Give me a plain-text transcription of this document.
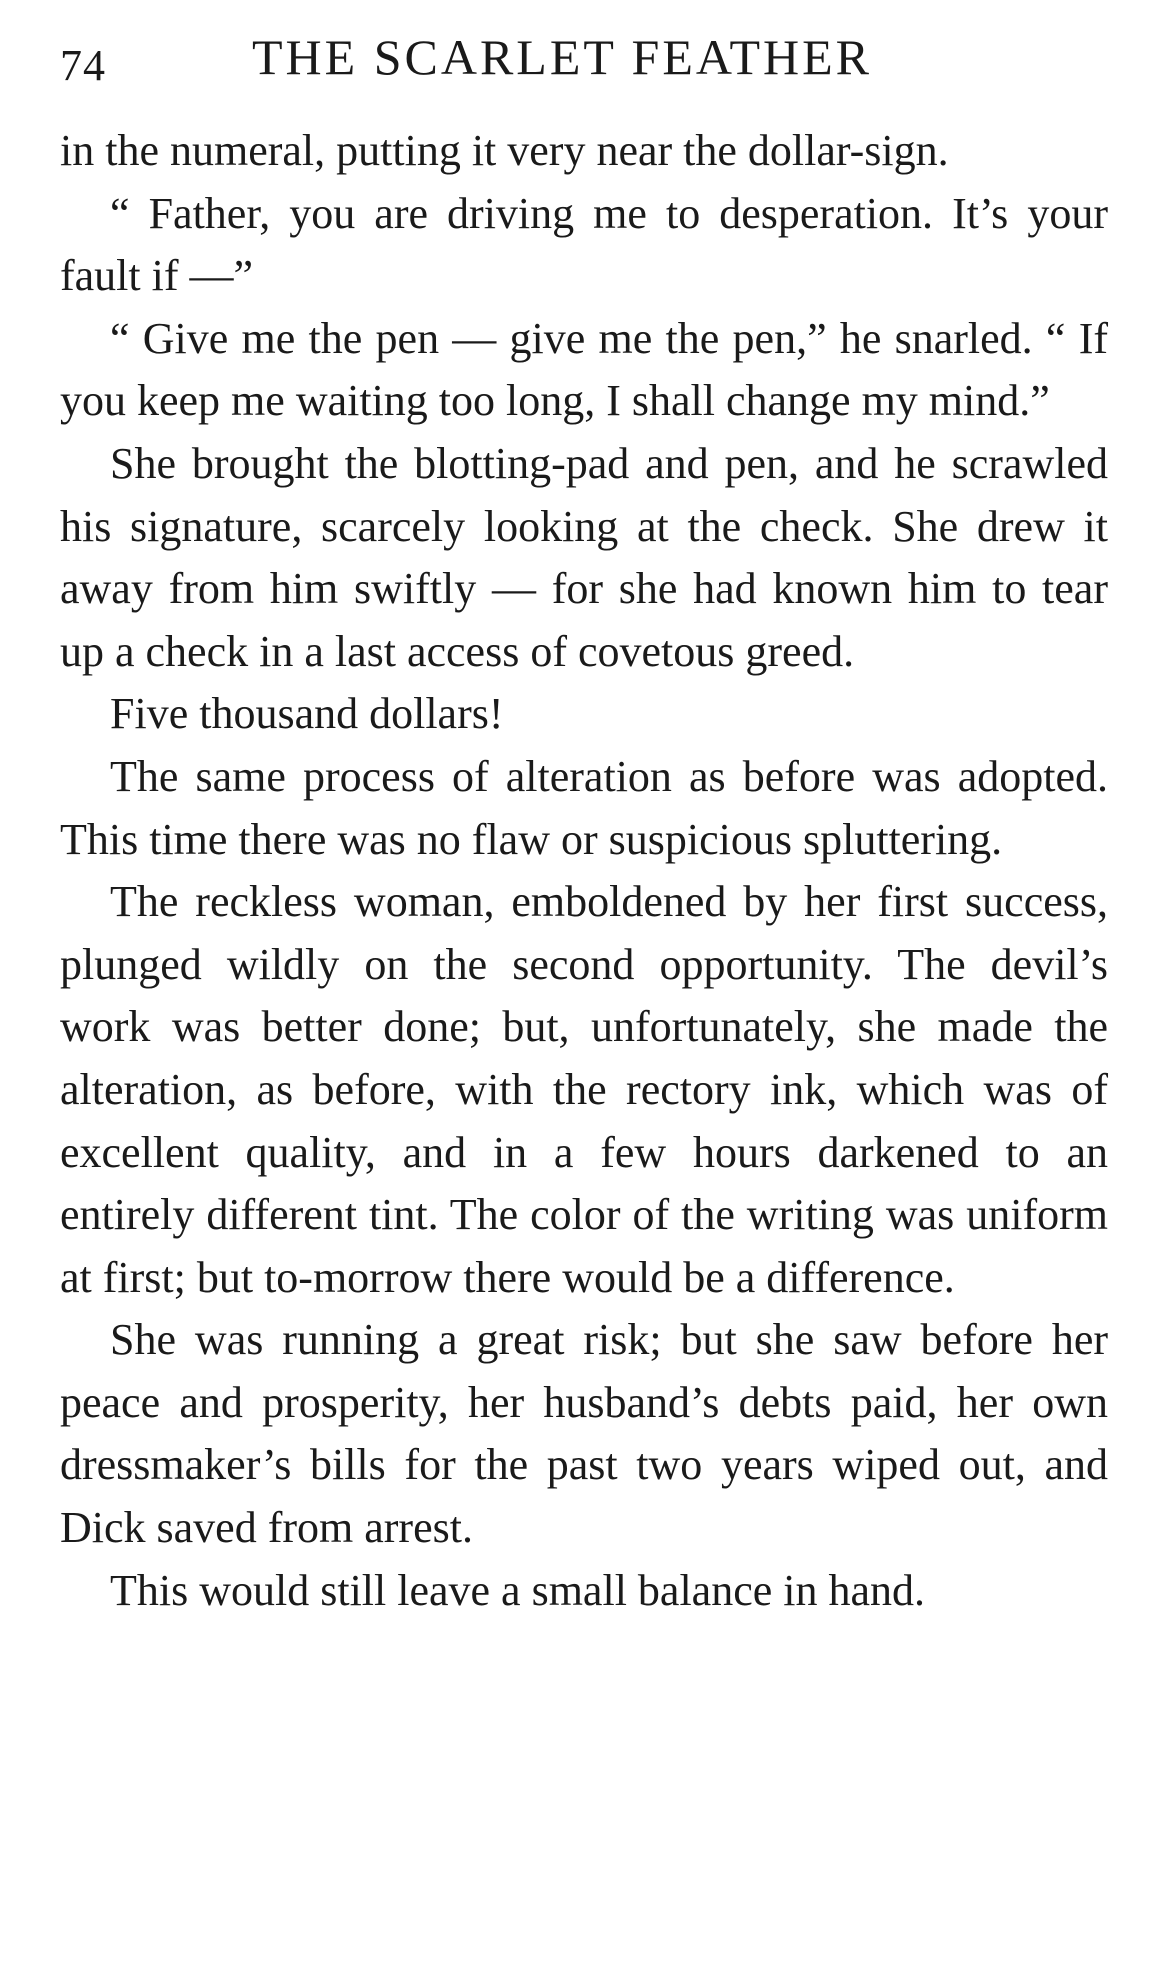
74	THE SCARLET FEATHER

in the numeral, putting it very near the dollar-sign.

“ Father, you are driving me to desperation. It’s your fault if —”

“ Give me the pen — give me the pen,” he snarled. “ If you keep me waiting too long, I shall change my mind.”

She brought the blotting-pad and pen, and he scrawled his signature, scarcely looking at the check. She drew it away from him swiftly — for she had known him to tear up a check in a last access of covetous greed.

Five thousand dollars!

The same process of alteration as before was adopted. This time there was no flaw or suspicious spluttering.

The reckless woman, emboldened by her first success, plunged wildly on the second opportunity. The devil’s work was better done; but, unfortunately, she made the alteration, as before, with the rectory ink, which was of excellent quality, and in a few hours darkened to an entirely different tint. The color of the writing was uniform at first; but to-morrow there would be a difference.

She was running a great risk; but she saw before her peace and prosperity, her husband’s debts paid, her own dressmaker’s bills for the past two years wiped out, and Dick saved from arrest.

This would still leave a small balance in hand.
